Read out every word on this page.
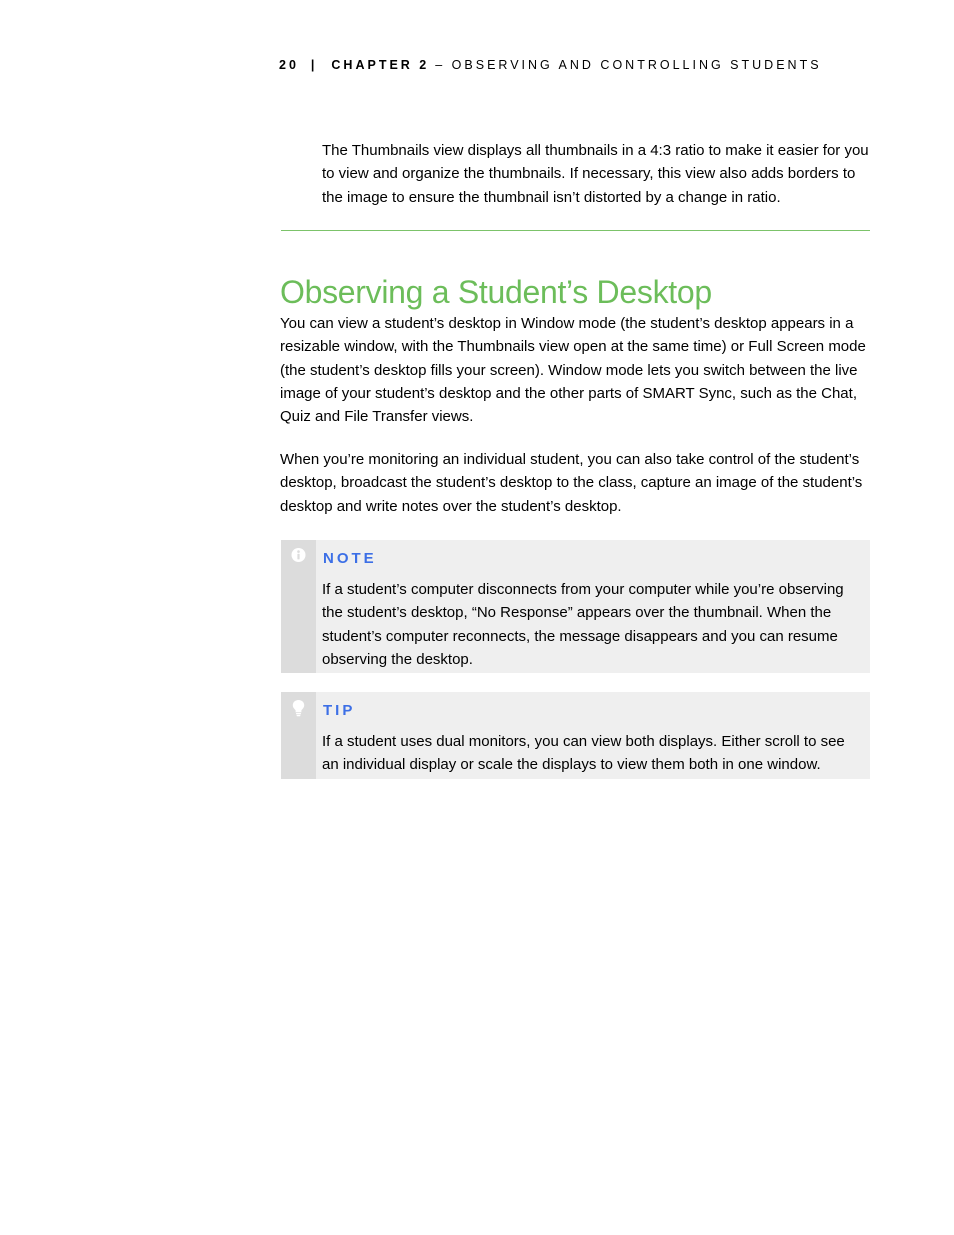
20 | CHAPTER 2 – OBSERVING AND CONTROLLING STUDENTS
The Thumbnails view displays all thumbnails in a 4:3 ratio to make it easier for you to view and organize the thumbnails. If necessary, this view also adds borders to the image to ensure the thumbnail isn’t distorted by a change in ratio.
Observing a Student’s Desktop
You can view a student’s desktop in Window mode (the student’s desktop appears in a resizable window, with the Thumbnails view open at the same time) or Full Screen mode (the student’s desktop fills your screen). Window mode lets you switch between the live image of your student’s desktop and the other parts of SMART Sync, such as the Chat, Quiz and File Transfer views.
When you’re monitoring an individual student, you can also take control of the student’s desktop, broadcast the student’s desktop to the class, capture an image of the student’s desktop and write notes over the student’s desktop.
NOTE
If a student’s computer disconnects from your computer while you’re observing the student’s desktop, “No Response” appears over the thumbnail. When the student’s computer reconnects, the message disappears and you can resume observing the desktop.
TIP
If a student uses dual monitors, you can view both displays. Either scroll to see an individual display or scale the displays to view them both in one window.
